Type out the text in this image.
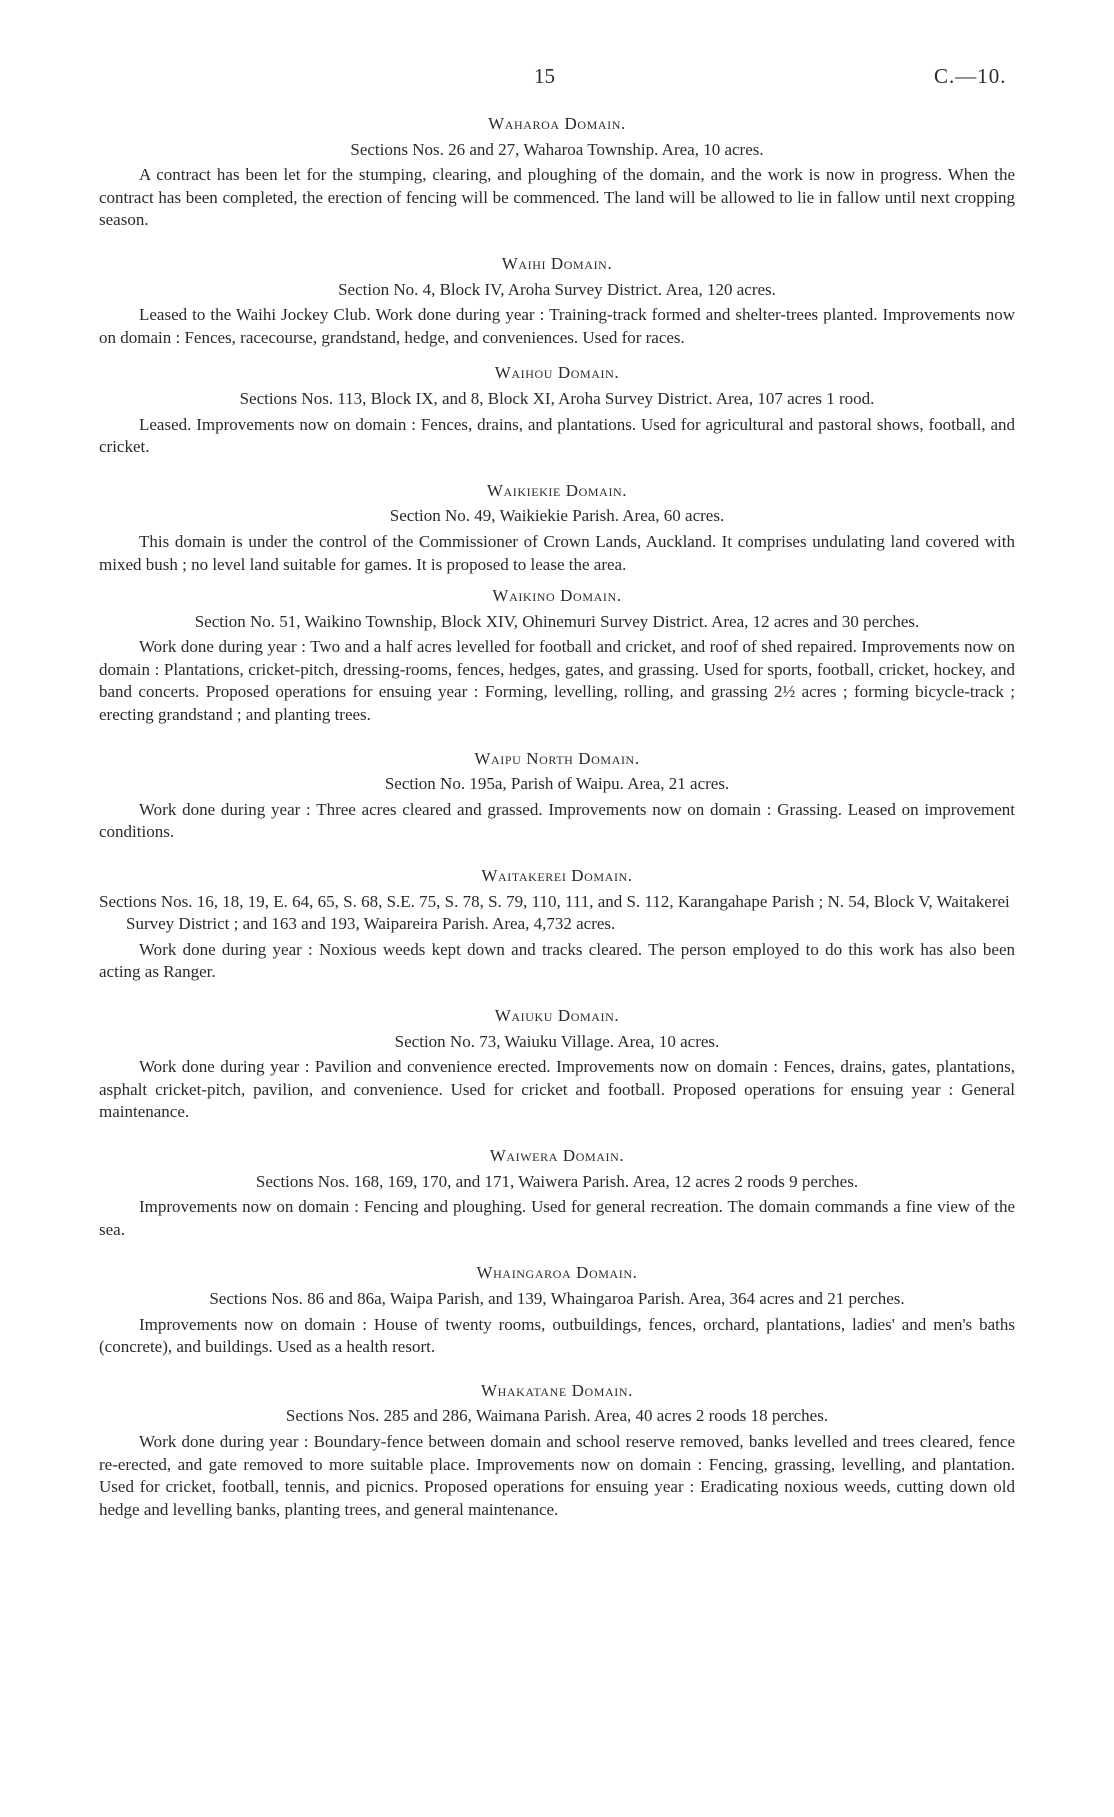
15	C.—10.

Waharoa Domain.

Sections Nos. 26 and 27, Waharoa Township. Area, 10 acres.

A contract has been let for the stumping, clearing, and ploughing of the domain, and the work is now in progress. When the contract has been completed, the erection of fencing will be commenced. The land will be allowed to lie in fallow until next cropping season.

Waihi Domain.

Section No. 4, Block IV, Aroha Survey District. Area, 120 acres.

Leased to the Waihi Jockey Club. Work done during year : Training-track formed and shelter-trees planted. Improvements now on domain : Fences, racecourse, grandstand, hedge, and conveniences. Used for races.

Waihou Domain.

Sections Nos. 113, Block IX, and 8, Block XI, Aroha Survey District. Area, 107 acres 1 rood.

Leased. Improvements now on domain : Fences, drains, and plantations. Used for agricultural and pastoral shows, football, and cricket.

Waikiekie Domain.

Section No. 49, Waikiekie Parish. Area, 60 acres.

This domain is under the control of the Commissioner of Crown Lands, Auckland. It comprises undulating land covered with mixed bush ; no level land suitable for games. It is proposed to lease the area.

Waikino Domain.

Section No. 51, Waikino Township, Block XIV, Ohinemuri Survey District. Area, 12 acres and 30 perches.

Work done during year : Two and a half acres levelled for football and cricket, and roof of shed repaired. Improvements now on domain : Plantations, cricket-pitch, dressing-rooms, fences, hedges, gates, and grassing. Used for sports, football, cricket, hockey, and band concerts. Proposed operations for ensuing year : Forming, levelling, rolling, and grassing 2½ acres ; forming bicycle-track ; erecting grandstand ; and planting trees.

Waipu North Domain.

Section No. 195a, Parish of Waipu. Area, 21 acres.

Work done during year : Three acres cleared and grassed. Improvements now on domain : Grassing. Leased on improvement conditions.

Waitakerei Domain.

Sections Nos. 16, 18, 19, E. 64, 65, S. 68, S.E. 75, S. 78, S. 79, 110, 111, and S. 112, Karangahape Parish ; N. 54, Block V, Waitakerei Survey District ; and 163 and 193, Waipareira Parish. Area, 4,732 acres.

Work done during year : Noxious weeds kept down and tracks cleared. The person employed to do this work has also been acting as Ranger.

Waiuku Domain.

Section No. 73, Waiuku Village. Area, 10 acres.

Work done during year : Pavilion and convenience erected. Improvements now on domain : Fences, drains, gates, plantations, asphalt cricket-pitch, pavilion, and convenience. Used for cricket and football. Proposed operations for ensuing year : General maintenance.

Waiwera Domain.

Sections Nos. 168, 169, 170, and 171, Waiwera Parish. Area, 12 acres 2 roods 9 perches.

Improvements now on domain : Fencing and ploughing. Used for general recreation. The domain commands a fine view of the sea.

Whaingaroa Domain.

Sections Nos. 86 and 86a, Waipa Parish, and 139, Whaingaroa Parish. Area, 364 acres and 21 perches.

Improvements now on domain : House of twenty rooms, outbuildings, fences, orchard, plantations, ladies' and men's baths (concrete), and buildings. Used as a health resort.

Whakatane Domain.

Sections Nos. 285 and 286, Waimana Parish. Area, 40 acres 2 roods 18 perches.

Work done during year : Boundary-fence between domain and school reserve removed, banks levelled and trees cleared, fence re-erected, and gate removed to more suitable place. Improvements now on domain : Fencing, grassing, levelling, and plantation. Used for cricket, football, tennis, and picnics. Proposed operations for ensuing year : Eradicating noxious weeds, cutting down old hedge and levelling banks, planting trees, and general maintenance.
